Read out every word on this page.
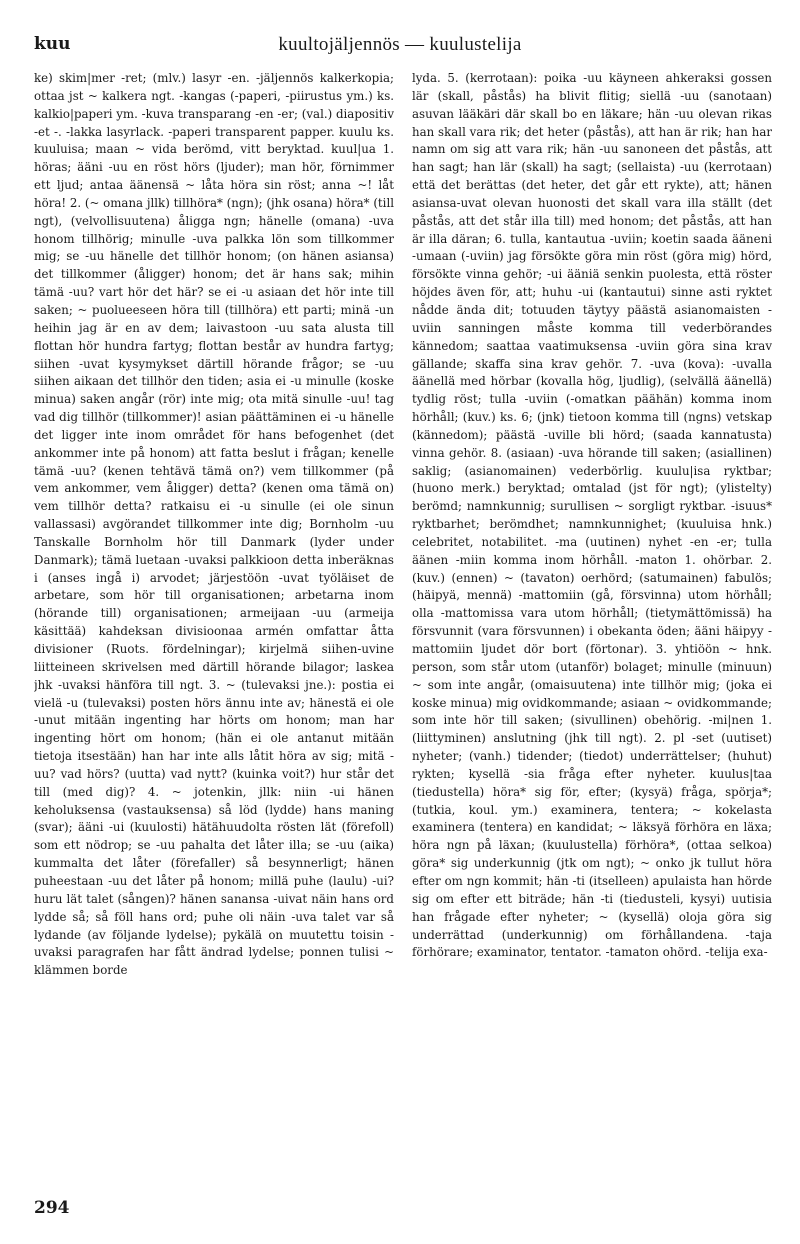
kuu	kuultojäljennös — kuulustelija

ke) skim|mer -ret; (mlv.) lasyr -en. -jäljennös kalkerkopia; ottaa jst ~ kalkera ngt. -kangas (-paperi, -piirustus ym.) ks. kalkio|paperi ym. -kuva transparang -en -er; (val.) diapositiv -et -. -lakka lasyrlack. -paperi transparent papper. kuulu ks. kuuluisa; maan ~ vida berömd, vitt beryktad. kuul|ua 1. höras; ääni -uu en röst hörs (ljuder); man hör, förnimmer ett ljud; antaa äänensä ~ låta höra sin röst; anna ~! låt höra! 2. (~ omana jllk) tillhöra* (ngn); (jhk osana) höra* (till ngt), (velvollisuutena) åligga ngn; hänelle (omana) -uva honom tillhörig; minulle -uva palkka lön som tillkommer mig; se -uu hänelle det tillhör honom; (on hänen asiansa) det tillkommer (åligger) honom; det är hans sak; mihin tämä -uu? vart hör det här? se ei -u asiaan det hör inte till saken; ~ puolueeseen höra till (tillhöra) ett parti; minä -un heihin jag är en av dem; laivastoon -uu sata alusta till flottan hör hundra fartyg; flottan består av hundra fartyg; siihen -uvat kysymykset därtill hörande frågor; se -uu siihen aikaan det tillhör den tiden; asia ei -u minulle (koske minua) saken angår (rör) inte mig; ota mitä sinulle -uu! tag vad dig tillhör (tillkommer)! asian päättäminen ei -u hänelle det ligger inte inom området för hans befogenhet (det ankommer inte på honom) att fatta beslut i frågan; kenelle tämä -uu? (kenen tehtävä tämä on?) vem tillkommer (på vem ankommer, vem åligger) detta? (kenen oma tämä on) vem tillhör detta? ratkaisu ei -u sinulle (ei ole sinun vallassasi) avgörandet tillkommer inte dig; Bornholm -uu Tanskalle Bornholm hör till Danmark (lyder under Danmark); tämä luetaan -uvaksi palkkioon detta inberäknas i (anses ingå i) arvodet; järjestöön -uvat työläiset de arbetare, som hör till organisationen; arbetarna inom (hörande till) organisationen; armeijaan -uu (armeija käsittää) kahdeksan divisioonaa armén omfattar åtta divisioner (Ruots. fördelningar); kirjelmä siihen-uvine liitteineen skrivelsen med därtill hörande bilagor; laskea jhk -uvaksi hänföra till ngt. 3. ~ (tulevaksi jne.): postia ei vielä -u (tulevaksi) posten hörs ännu inte av; hänestä ei ole -unut mitään ingenting har hörts om honom; man har ingenting hört om honom; (hän ei ole antanut mitään tietoja itsestään) han har inte alls låtit höra av sig; mitä -uu? vad hörs? (uutta) vad nytt? (kuinka voit?) hur står det till (med dig)? 4. ~ jotenkin, jllk: niin -ui hänen keholuksensa (vastauksensa) så löd (lydde) hans maning (svar); ääni -ui (kuulosti) hätähuudolta rösten lät (förefoll) som ett nödrop; se -uu pahalta det låter illa; se -uu (aika) kummalta det låter (förefaller) så besynnerligt; hänen puheestaan -uu det låter på honom; millä puhe (laulu) -ui? huru lät talet (sången)? hänen sanansa -uivat näin hans ord lydde så; så föll hans ord; puhe oli näin -uva talet var så lydande (av följande lydelse); pykälä on muutettu toisin -uvaksi paragrafen har fått ändrad lydelse; ponnen tulisi ~ klämmen borde

lyda. 5. (kerrotaan): poika -uu käyneen ahkeraksi gossen lär (skall, påstås) ha blivit flitig; siellä -uu (sanotaan) asuvan lääkäri där skall bo en läkare; hän -uu olevan rikas han skall vara rik; det heter (påstås), att han är rik; han har namn om sig att vara rik; hän -uu sanoneen det påstås, att han sagt; han lär (skall) ha sagt; (sellaista) -uu (kerrotaan) että det berättas (det heter, det går ett rykte), att; hänen asiansa-uvat olevan huonosti det skall vara illa ställt (det påstås, att det står illa till) med honom; det påstås, att han är illa däran; 6. tulla, kantautua -uviin; koetin saada ääneni -umaan (-uviin) jag försökte göra min röst (göra mig) hörd, försökte vinna gehör; -ui ääniä senkin puolesta, että röster höjdes även för, att; huhu -ui (kantautui) sinne asti ryktet nådde ända dit; totuuden täytyy päästä asianomaisten -uviin sanningen måste komma till vederbörandes kännedom; saattaa vaatimuksensa -uviin göra sina krav gällande; skaffa sina krav gehör. 7. -uva (kova): -uvalla äänellä med hörbar (kovalla hög, ljudlig), (selvällä äänellä) tydlig röst; tulla -uviin (-omatkan päähän) komma inom hörhåll; (kuv.) ks. 6; (jnk) tietoon komma till (ngns) vetskap (kännedom); päästä -uville bli hörd; (saada kannatusta) vinna gehör. 8. (asiaan) -uva hörande till saken; (asiallinen) saklig; (asianomainen) vederbörlig. kuulu|isa ryktbar; (huono merk.) beryktad; omtalad (jst för ngt); (ylistelty) berömd; namnkunnig; surullisen ~ sorgligt ryktbar. -isuus* ryktbarhet; berömdhet; namnkunnighet; (kuuluisa hnk.) celebritet, notabilitet. -ma (uutinen) nyhet -en -er; tulla äänen -miin komma inom hörhåll. -maton 1. ohörbar. 2. (kuv.) (ennen) ~ (tavaton) oerhörd; (satumainen) fabulös; (häipyä, mennä) -mattomiin (gå, försvinna) utom hörhåll; olla -mattomissa vara utom hörhåll; (tietymättömissä) ha försvunnit (vara försvunnen) i obekanta öden; ääni häipyy -mattomiin ljudet dör bort (förtonar). 3. yhtiöön ~ hnk. person, som står utom (utanför) bolaget; minulle (minuun) ~ som inte angår, (omaisuutena) inte tillhör mig; (joka ei koske minua) mig ovidkommande; asiaan ~ ovidkommande; som inte hör till saken; (sivullinen) obehörig. -mi|nen 1. (liittyminen) anslutning (jhk till ngt). 2. pl -set (uutiset) nyheter; (vanh.) tidender; (tiedot) underrättelser; (huhut) rykten; kysellä -sia fråga efter nyheter. kuulus|taa (tiedustella) höra* sig för, efter; (kysyä) fråga, spörja*; (tutkia, koul. ym.) examinera, tentera; ~ kokelasta examinera (tentera) en kandidat; ~ läksyä förhöra en läxa; höra ngn på läxan; (kuulustella) förhöra*, (ottaa selkoa) göra* sig underkunnig (jtk om ngt); ~ onko jk tullut höra efter om ngn kommit; hän -ti (itselleen) apulaista han hörde sig om efter ett biträde; hän -ti (tiedusteli, kysyi) uutisia han frågade efter nyheter; ~ (kysellä) oloja göra sig underrättad (underkunnig) om förhållandena. -taja förhörare; examinator, tentator. -tamaton ohörd. -telija exa-

294
